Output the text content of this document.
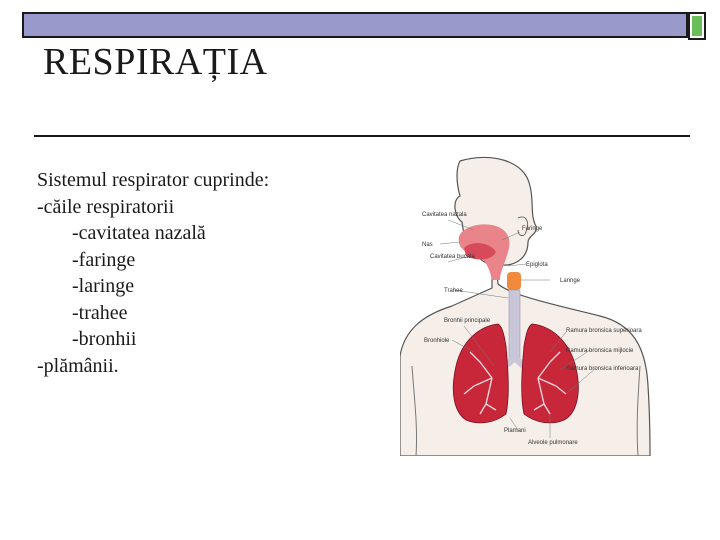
RESPIRAȚIA
Sistemul respirator cuprinde:
-căile respiratorii
-cavitatea nazală
-faringe
-laringe
-trahee
-bronhii
-plămânii.
Cavitatea nazala
Nas
Cavitatea bucala
Trahee
Bronhii principale
Bronhiole
Faringe
Epiglota
Laringe
Ramura bronsica superioara
Ramura bronsica mijlocie
Ramura bronsica inferioara
Plamani
Alveole pulmonare
